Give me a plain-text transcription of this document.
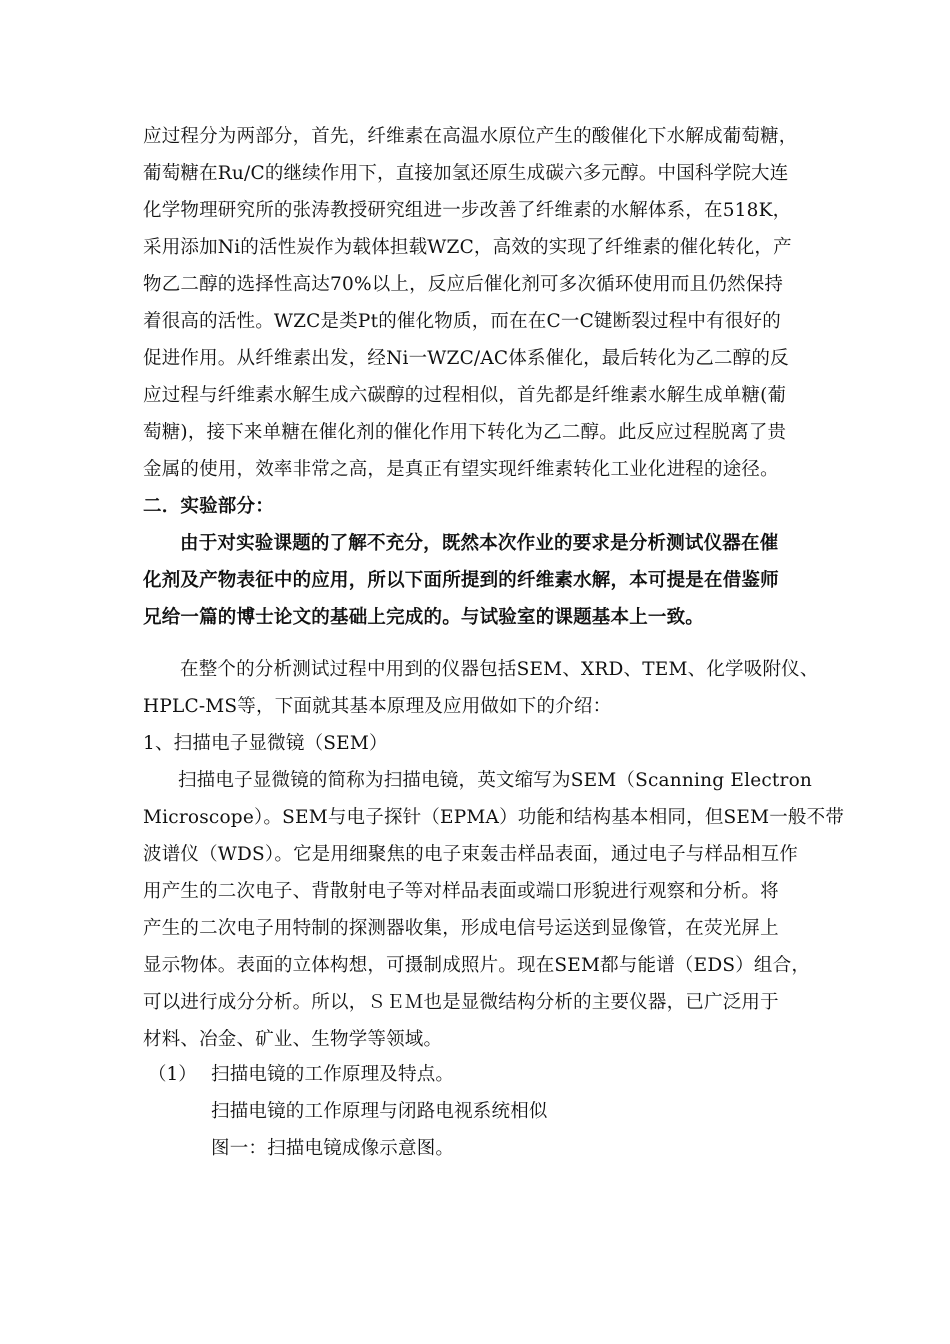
应过程分为两部分，首先，纤维素在高温水原位产生的酸催化下水解成葡萄糖，
葡萄糖在Ru/C的继续作用下，直接加氢还原生成碳六多元醇。中国科学院大连
化学物理研究所的张涛教授研究组进一步改善了纤维素的水解体系，在518K，
采用添加Ni的活性炭作为载体担载WZC，高效的实现了纤维素的催化转化，产
物乙二醇的选择性高达70%以上，反应后催化剂可多次循环使用而且仍然保持
着很高的活性。WZC是类Pt的催化物质，而在在C一C键断裂过程中有很好的
促进作用。从纤维素出发，经Ni一WZC/AC体系催化，最后转化为乙二醇的反
应过程与纤维素水解生成六碳醇的过程相似，首先都是纤维素水解生成单糖(葡
萄糖)，接下来单糖在催化剂的催化作用下转化为乙二醇。此反应过程脱离了贵
金属的使用，效率非常之高，是真正有望实现纤维素转化工业化进程的途径。
二．实验部分：
由于对实验课题的了解不充分，既然本次作业的要求是分析测试仪器在催
化剂及产物表征中的应用，所以下面所提到的纤维素水解，本可提是在借鉴师
兄给一篇的博士论文的基础上完成的。与试验室的课题基本上一致。
在整个的分析测试过程中用到的仪器包括SEM、XRD、TEM、化学吸附仪、
HPLC-MS等，下面就其基本原理及应用做如下的介绍：
1、扫描电子显微镜（SEM）
扫描电子显微镜的简称为扫描电镜，英文缩写为SEM（Scanning Electron
Microscope）。SEM与电子探针（EPMA）功能和结构基本相同，但SEM一般不带
波谱仪（WDS）。它是用细聚焦的电子束轰击样品表面，通过电子与样品相互作
用产生的二次电子、背散射电子等对样品表面或端口形貌进行观察和分析。将
产生的二次电子用特制的探测器收集，形成电信号运送到显像管，在荧光屏上
显示物体。表面的立体构想，可摄制成照片。现在SEM都与能谱（EDS）组合，
可以进行成分分析。所以，ＳＥＭ也是显微结构分析的主要仪器，已广泛用于
材料、冶金、矿业、生物学等领域。
（1） 扫描电镜的工作原理及特点。
扫描电镜的工作原理与闭路电视系统相似
图一：扫描电镜成像示意图。
